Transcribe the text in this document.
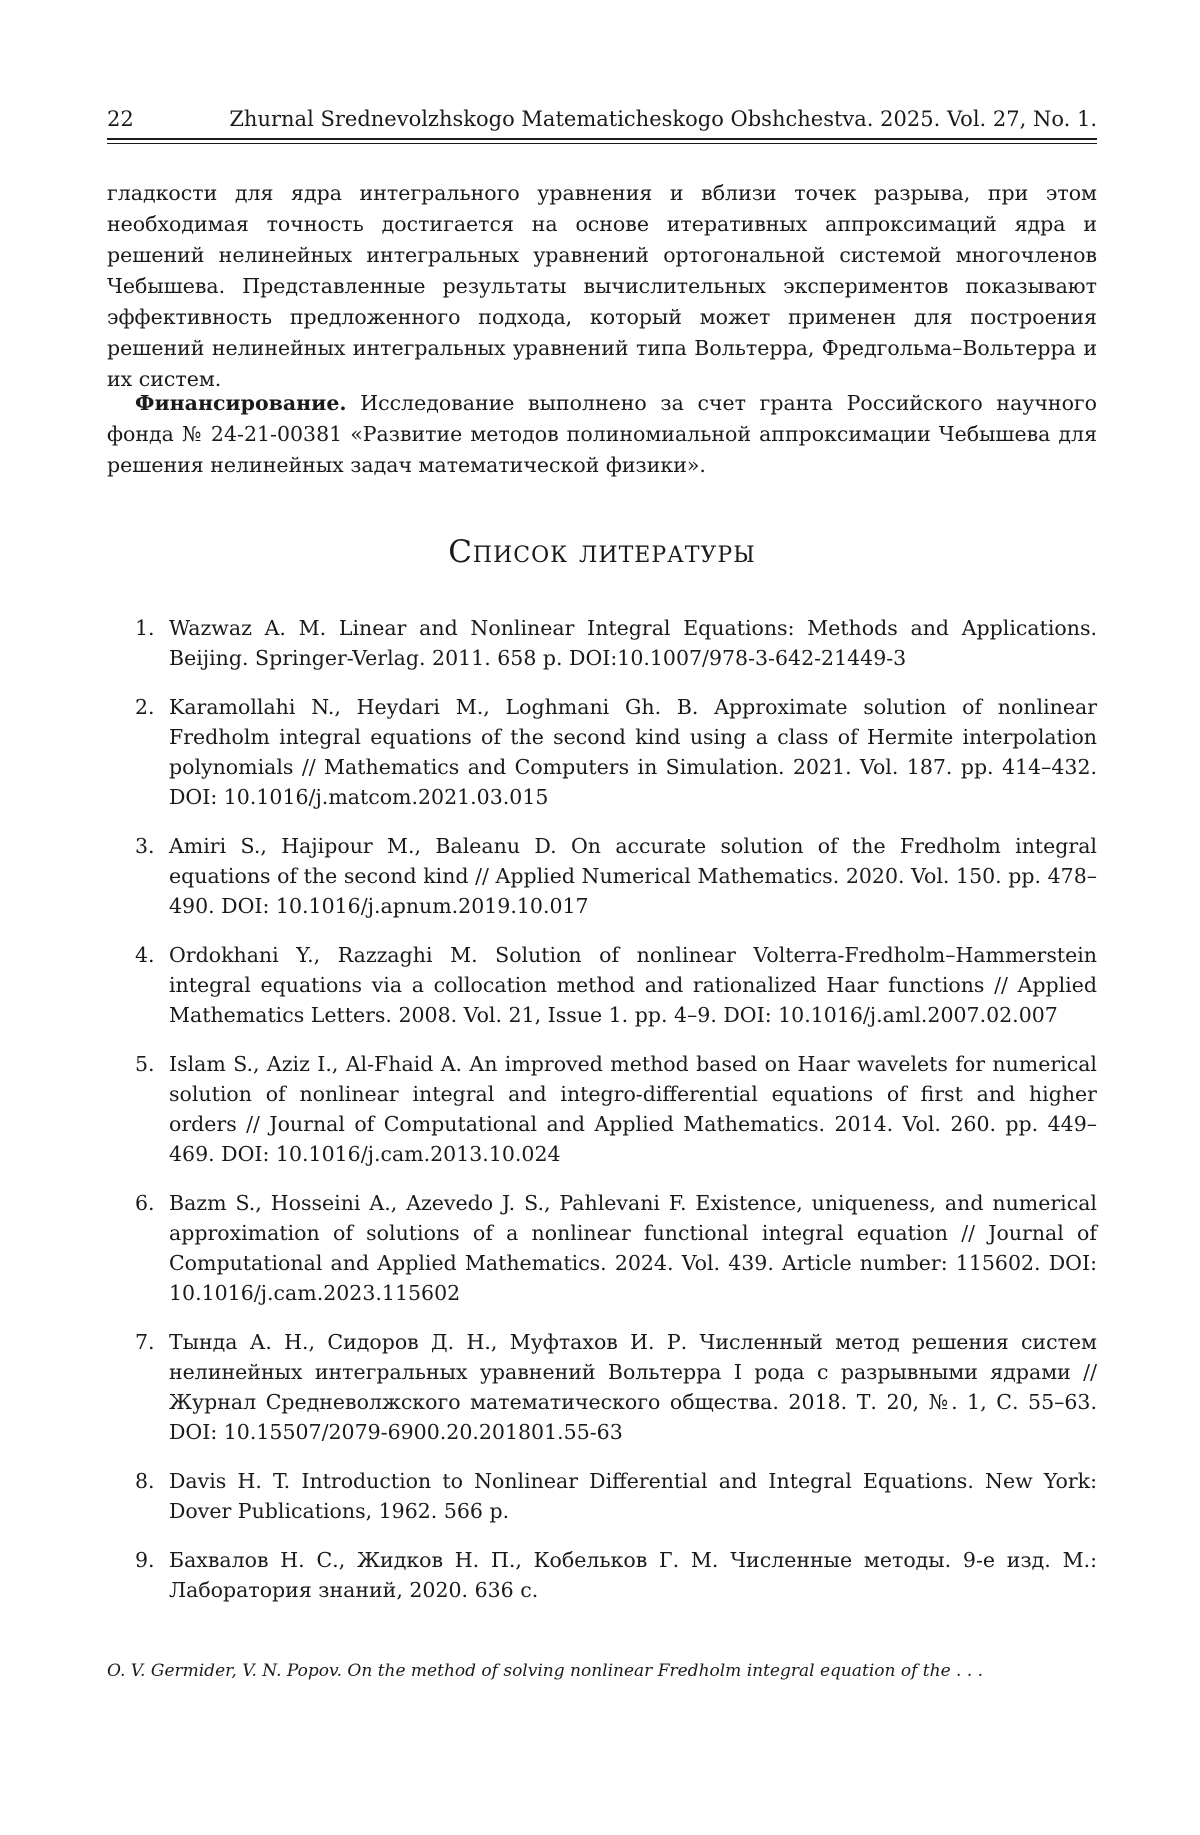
22	Zhurnal Srednevolzhskogo Matematicheskogo Obshchestva. 2025. Vol. 27, No. 1.

гладкости для ядра интегрального уравнения и вблизи точек разрыва, при этом необходимая точность достигается на основе итеративных аппроксимаций ядра и решений нелинейных интегральных уравнений ортогональной системой многочленов Чебышева. Представленные результаты вычислительных экспериментов показывают эффективность предложенного подхода, который может применен для построения решений нелинейных интегральных уравнений типа Вольтерра, Фредгольма–Вольтерра и их систем.

Финансирование. Исследование выполнено за счет гранта Российского научного фонда № 24-21-00381 «Развитие методов полиномиальной аппроксимации Чебышева для решения нелинейных задач математической физики».

Список литературы
1. Wazwaz A. M. Linear and Nonlinear Integral Equations: Methods and Applications. Beijing. Springer-Verlag. 2011. 658 p. DOI:10.1007/978-3-642-21449-3
2. Karamollahi N., Heydari M., Loghmani Gh. B. Approximate solution of nonlinear Fredholm integral equations of the second kind using a class of Hermite interpolation polynomials // Mathematics and Computers in Simulation. 2021. Vol. 187. pp. 414–432. DOI: 10.1016/j.matcom.2021.03.015
3. Amiri S., Hajipour M., Baleanu D. On accurate solution of the Fredholm integral equations of the second kind // Applied Numerical Mathematics. 2020. Vol. 150. pp. 478–490. DOI: 10.1016/j.apnum.2019.10.017
4. Ordokhani Y., Razzaghi M. Solution of nonlinear Volterra-Fredholm–Hammerstein integral equations via a collocation method and rationalized Haar functions // Applied Mathematics Letters. 2008. Vol. 21, Issue 1. pp. 4–9. DOI: 10.1016/j.aml.2007.02.007
5. Islam S., Aziz I., Al-Fhaid A. An improved method based on Haar wavelets for numerical solution of nonlinear integral and integro-differential equations of first and higher orders // Journal of Computational and Applied Mathematics. 2014. Vol. 260. pp. 449–469. DOI: 10.1016/j.cam.2013.10.024
6. Bazm S., Hosseini A., Azevedo J. S., Pahlevani F. Existence, uniqueness, and numerical approximation of solutions of a nonlinear functional integral equation // Journal of Computational and Applied Mathematics. 2024. Vol. 439. Article number: 115602. DOI: 10.1016/j.cam.2023.115602
7. Тында А. Н., Сидоров Д. Н., Муфтахов И. Р. Численный метод решения систем нелинейных интегральных уравнений Вольтерра I рода с разрывными ядрами // Журнал Средневолжского математического общества. 2018. Т. 20, №. 1, С. 55–63. DOI: 10.15507/2079-6900.20.201801.55-63
8. Davis H. T. Introduction to Nonlinear Differential and Integral Equations. New York: Dover Publications, 1962. 566 p.
9. Бахвалов Н. С., Жидков Н. П., Кобельков Г. М. Численные методы. 9-е изд. М.: Лаборатория знаний, 2020. 636 с.
O. V. Germider, V. N. Popov. On the method of solving nonlinear Fredholm integral equation of the . . .
